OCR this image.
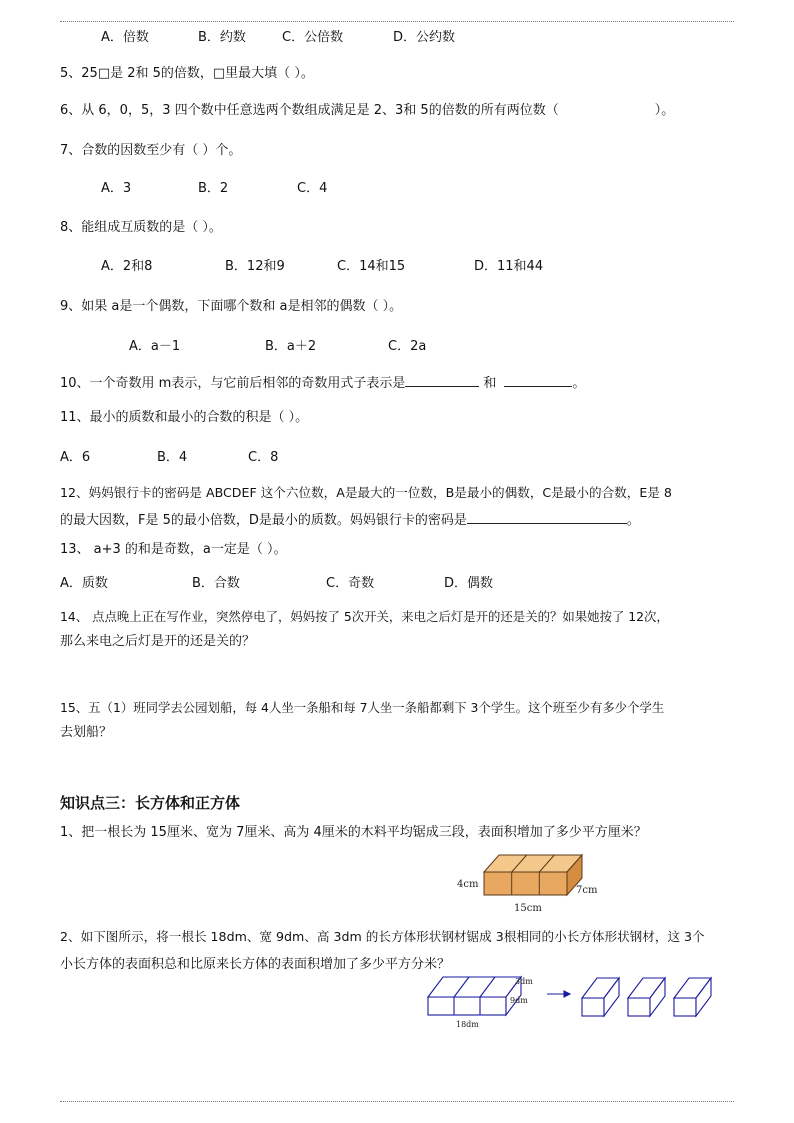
A．倍数	B．约数	C．公倍数	D．公约数
5、25□是 2和 5的倍数，□里最大填（ ）。
6、从 6，0，5，3 四个数中任意选两个数组成满足是 2、3和 5的倍数的所有两位数（	）。
7、合数的因数至少有（ ）个。
A．3	B．2	C．4
8、能组成互质数的是（ ）。
A．2和8	B．12和9	C．14和15	D．11和44
9、如果 a是一个偶数，下面哪个数和 a是相邻的偶数（ ）。
A．a－1	B．a＋2	C．2a
10、一个奇数用 m表示，与它前后相邻的奇数用式子表示是	和	。
11、最小的质数和最小的合数的积是（ ）。
A．6	B．4	C．8
12、妈妈银行卡的密码是 ABCDEF 这个六位数，A是最大的一位数，B是最小的偶数，C是最小的合数，E是 8
的最大因数，F是 5的最小倍数，D是最小的质数。妈妈银行卡的密码是	。
13、 a+3 的和是奇数，a一定是（ ）。
A．质数	B．合数	C．奇数	D．偶数
14、 点点晚上正在写作业，突然停电了，妈妈按了 5次开关，来电之后灯是开的还是关的？如果她按了 12次，
那么来电之后灯是开的还是关的？
15、五（1）班同学去公园划船，每 4人坐一条船和每 7人坐一条船都剩下 3个学生。这个班至少有多少个学生
去划船？
知识点三：长方体和正方体
1、把一根长为 15厘米、宽为 7厘米、高为 4厘米的木料平均锯成三段，表面积增加了多少平方厘米？
4cm
7cm
15cm
2、如下图所示，将一根长 18dm、宽 9dm、高 3dm 的长方体形状钢材锯成 3根相同的小长方体形状钢材，这 3个
小长方体的表面积总和比原来长方体的表面积增加了多少平方分米？
3dm
9dm
18dm
